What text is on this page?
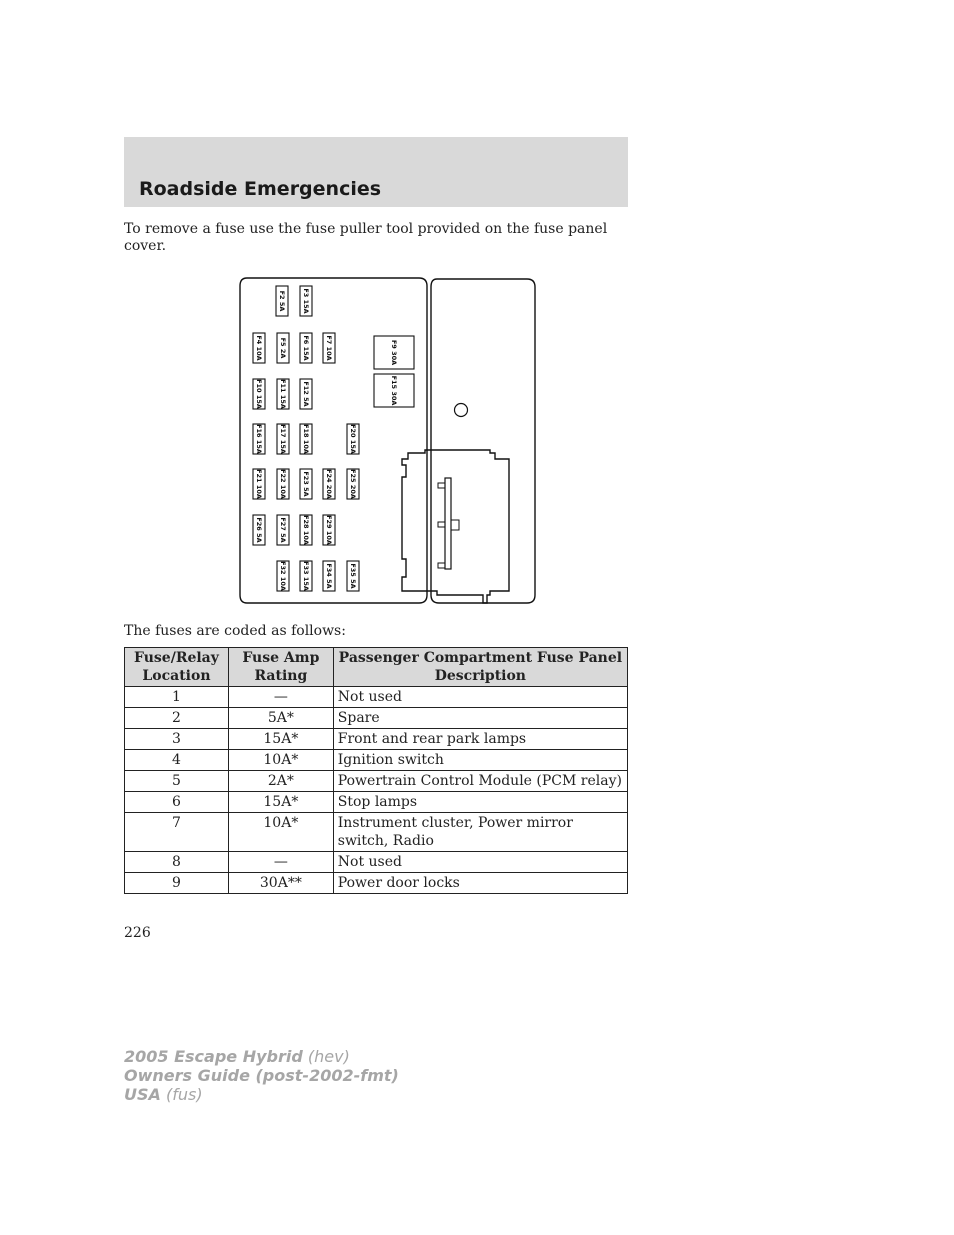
Roadside Emergencies

To remove a fuse use the fuse puller tool provided on the fuse panel cover.

F2 5A F3 15A
F4 10A F5 2A F6 15A F7 10A	F9 30A
F10 15A F11 15A F12 5A	F15 30A
F16 15A F17 15A F18 10A	F20 15A
F21 10A F22 10A F23 5A F24 20A F25 20A
F26 5A F27 5A F28 10A F29 10A
F32 10A F33 15A F34 5A F35 5A

The fuses are coded as follows:

Fuse/Relay Location	Fuse Amp Rating	Passenger Compartment Fuse Panel Description
1	—	Not used
2	5A*	Spare
3	15A*	Front and rear park lamps
4	10A*	Ignition switch
5	2A*	Powertrain Control Module (PCM relay)
6	15A*	Stop lamps
7	10A*	Instrument cluster, Power mirror switch, Radio
8	—	Not used
9	30A**	Power door locks

226

2005 Escape Hybrid (hev)
Owners Guide (post-2002-fmt)
USA (fus)
